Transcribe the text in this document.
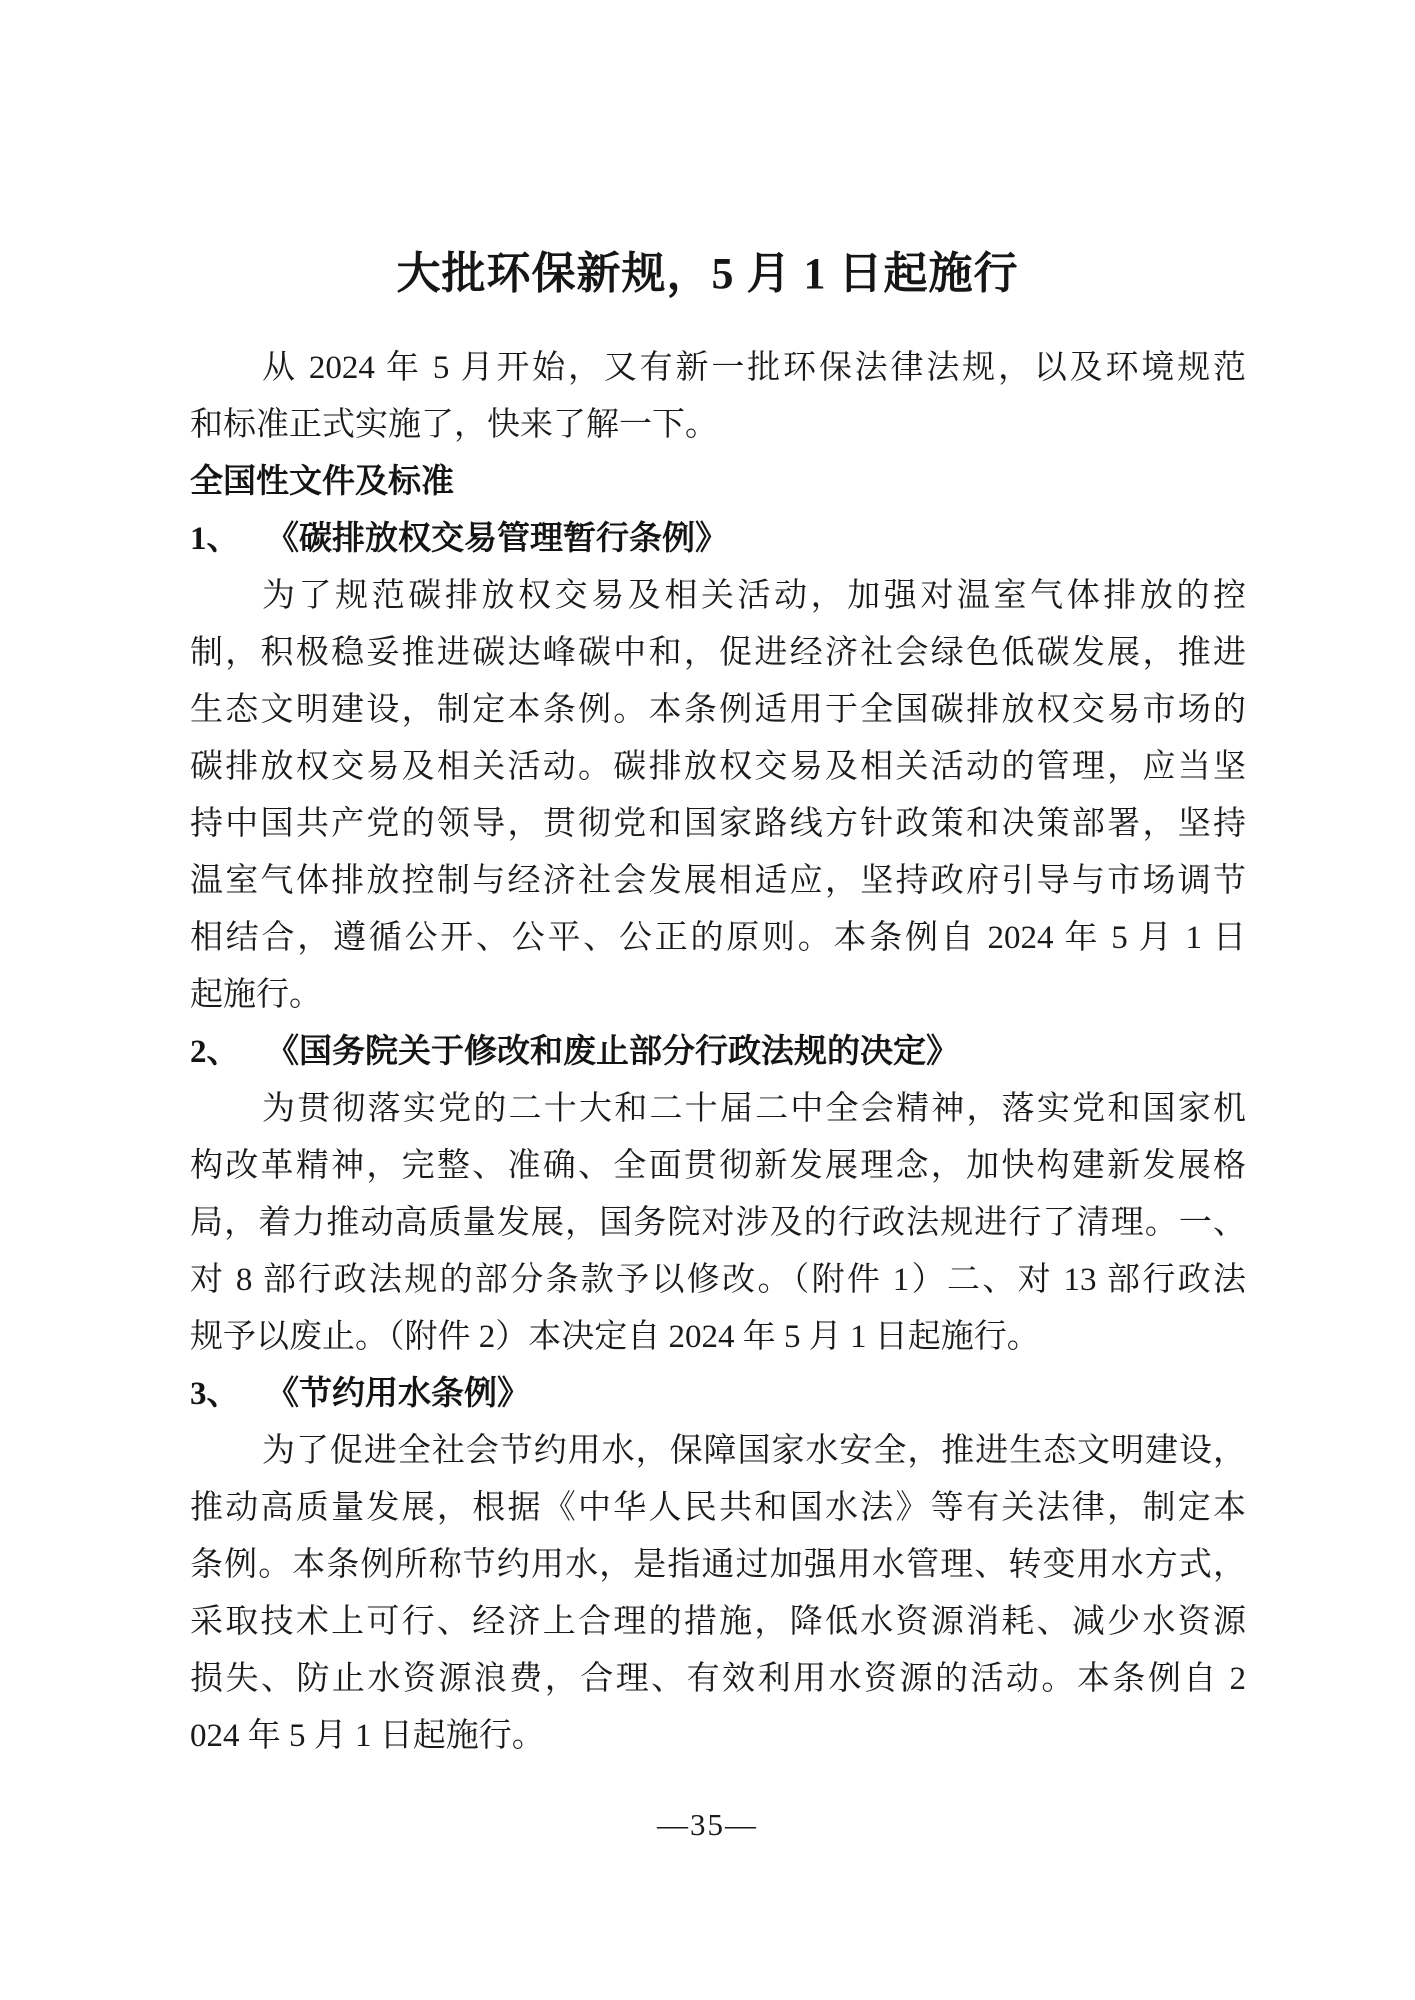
大批环保新规，5 月 1 日起施行
从 2024 年 5 月开始，又有新一批环保法律法规，以及环境规范
和标准正式实施了，快来了解一下。
全国性文件及标准
1、 《碳排放权交易管理暂行条例》
为了规范碳排放权交易及相关活动，加强对温室气体排放的控
制，积极稳妥推进碳达峰碳中和，促进经济社会绿色低碳发展，推进
生态文明建设，制定本条例。本条例适用于全国碳排放权交易市场的
碳排放权交易及相关活动。碳排放权交易及相关活动的管理，应当坚
持中国共产党的领导，贯彻党和国家路线方针政策和决策部署，坚持
温室气体排放控制与经济社会发展相适应，坚持政府引导与市场调节
相结合，遵循公开、公平、公正的原则。本条例自 2024 年 5 月 1 日
起施行。
2、 《国务院关于修改和废止部分行政法规的决定》
为贯彻落实党的二十大和二十届二中全会精神，落实党和国家机
构改革精神，完整、准确、全面贯彻新发展理念，加快构建新发展格
局，着力推动高质量发展，国务院对涉及的行政法规进行了清理。一、
对 8 部行政法规的部分条款予以修改。（附件 1）二、对 13 部行政法
规予以废止。（附件 2）本决定自 2024 年 5 月 1 日起施行。
3、 《节约用水条例》
为了促进全社会节约用水，保障国家水安全，推进生态文明建设，
推动高质量发展，根据《中华人民共和国水法》等有关法律，制定本
条例。本条例所称节约用水，是指通过加强用水管理、转变用水方式，
采取技术上可行、经济上合理的措施，降低水资源消耗、减少水资源
损失、防止水资源浪费，合理、有效利用水资源的活动。本条例自 2
024 年 5 月 1 日起施行。
—35—
